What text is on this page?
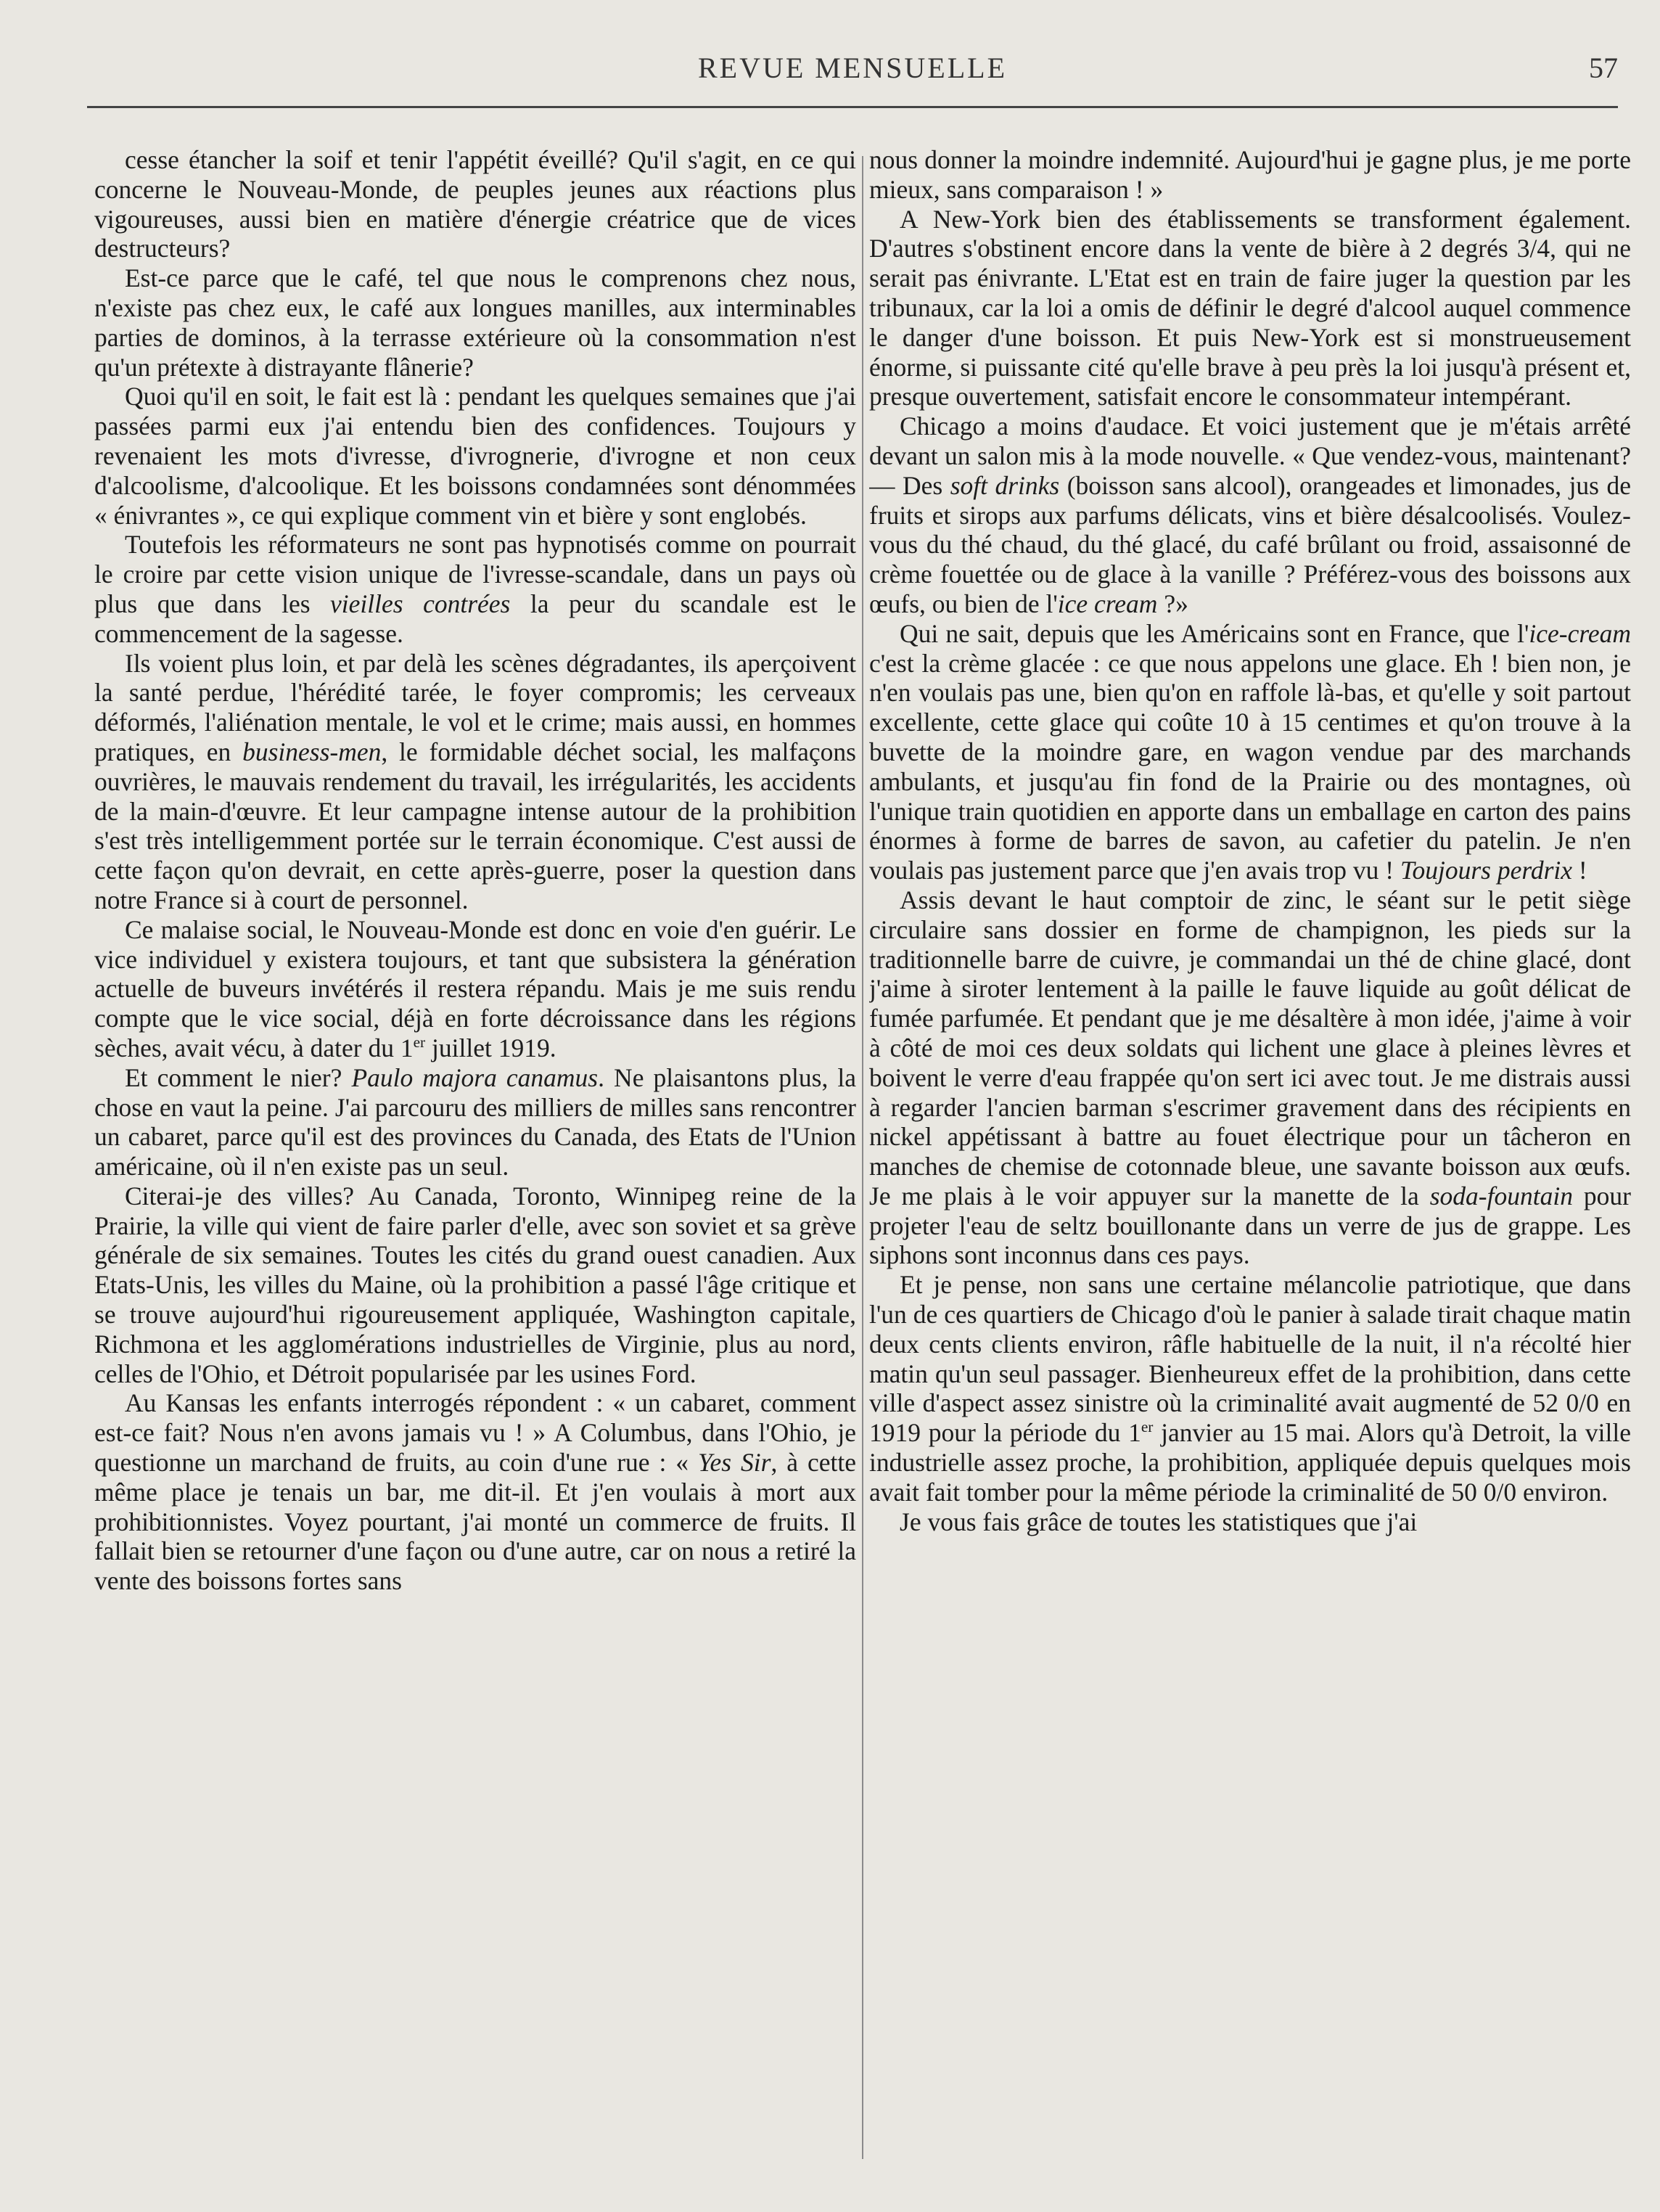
REVUE MENSUELLE	57

cesse étancher la soif et tenir l'appétit éveillé? Qu'il s'agit, en ce qui concerne le Nouveau-Monde, de peuples jeunes aux réactions plus vigoureuses, aussi bien en matière d'énergie créatrice que de vices destructeurs?

Est-ce parce que le café, tel que nous le comprenons chez nous, n'existe pas chez eux, le café aux longues manilles, aux interminables parties de dominos, à la terrasse extérieure où la consommation n'est qu'un prétexte à distrayante flânerie?

Quoi qu'il en soit, le fait est là : pendant les quelques semaines que j'ai passées parmi eux j'ai entendu bien des confidences. Toujours y revenaient les mots d'ivresse, d'ivrognerie, d'ivrogne et non ceux d'alcoolisme, d'alcoolique. Et les boissons condamnées sont dénommées « énivrantes », ce qui explique comment vin et bière y sont englobés.

Toutefois les réformateurs ne sont pas hypnotisés comme on pourrait le croire par cette vision unique de l'ivresse-scandale, dans un pays où plus que dans les vieilles contrées la peur du scandale est le commencement de la sagesse.

Ils voient plus loin, et par delà les scènes dégradantes, ils aperçoivent la santé perdue, l'hérédité tarée, le foyer compromis; les cerveaux déformés, l'aliénation mentale, le vol et le crime; mais aussi, en hommes pratiques, en business-men, le formidable déchet social, les malfaçons ouvrières, le mauvais rendement du travail, les irrégularités, les accidents de la main-d'œuvre. Et leur campagne intense autour de la prohibition s'est très intelligemment portée sur le terrain économique. C'est aussi de cette façon qu'on devrait, en cette après-guerre, poser la question dans notre France si à court de personnel.

Ce malaise social, le Nouveau-Monde est donc en voie d'en guérir. Le vice individuel y existera toujours, et tant que subsistera la génération actuelle de buveurs invétérés il restera répandu. Mais je me suis rendu compte que le vice social, déjà en forte décroissance dans les régions sèches, avait vécu, à dater du 1er juillet 1919.

Et comment le nier? Paulo majora canamus. Ne plaisantons plus, la chose en vaut la peine. J'ai parcouru des milliers de milles sans rencontrer un cabaret, parce qu'il est des provinces du Canada, des Etats de l'Union américaine, où il n'en existe pas un seul.

Citerai-je des villes? Au Canada, Toronto, Winnipeg reine de la Prairie, la ville qui vient de faire parler d'elle, avec son soviet et sa grève générale de six semaines. Toutes les cités du grand ouest canadien. Aux Etats-Unis, les villes du Maine, où la prohibition a passé l'âge critique et se trouve aujourd'hui rigoureusement appliquée, Washington capitale, Richmona et les agglomérations industrielles de Virginie, plus au nord, celles de l'Ohio, et Détroit popularisée par les usines Ford.

Au Kansas les enfants interrogés répondent : « un cabaret, comment est-ce fait? Nous n'en avons jamais vu ! » A Columbus, dans l'Ohio, je questionne un marchand de fruits, au coin d'une rue : « Yes Sir, à cette même place je tenais un bar, me dit-il. Et j'en voulais à mort aux prohibitionnistes. Voyez pourtant, j'ai monté un commerce de fruits. Il fallait bien se retourner d'une façon ou d'une autre, car on nous a retiré la vente des boissons fortes sans

nous donner la moindre indemnité. Aujourd'hui je gagne plus, je me porte mieux, sans comparaison ! »

A New-York bien des établissements se transforment également. D'autres s'obstinent encore dans la vente de bière à 2 degrés 3/4, qui ne serait pas énivrante. L'Etat est en train de faire juger la question par les tribunaux, car la loi a omis de définir le degré d'alcool auquel commence le danger d'une boisson. Et puis New-York est si monstrueusement énorme, si puissante cité qu'elle brave à peu près la loi jusqu'à présent et, presque ouvertement, satisfait encore le consommateur intempérant.

Chicago a moins d'audace. Et voici justement que je m'étais arrêté devant un salon mis à la mode nouvelle. « Que vendez-vous, maintenant? — Des soft drinks (boisson sans alcool), orangeades et limonades, jus de fruits et sirops aux parfums délicats, vins et bière désalcoolisés. Voulez-vous du thé chaud, du thé glacé, du café brûlant ou froid, assaisonné de crème fouettée ou de glace à la vanille ? Préférez-vous des boissons aux œufs, ou bien de l'ice cream ?»

Qui ne sait, depuis que les Américains sont en France, que l'ice-cream c'est la crème glacée : ce que nous appelons une glace. Eh ! bien non, je n'en voulais pas une, bien qu'on en raffole là-bas, et qu'elle y soit partout excellente, cette glace qui coûte 10 à 15 centimes et qu'on trouve à la buvette de la moindre gare, en wagon vendue par des marchands ambulants, et jusqu'au fin fond de la Prairie ou des montagnes, où l'unique train quotidien en apporte dans un emballage en carton des pains énormes à forme de barres de savon, au cafetier du patelin. Je n'en voulais pas justement parce que j'en avais trop vu ! Toujours perdrix !

Assis devant le haut comptoir de zinc, le séant sur le petit siège circulaire sans dossier en forme de champignon, les pieds sur la traditionnelle barre de cuivre, je commandai un thé de chine glacé, dont j'aime à siroter lentement à la paille le fauve liquide au goût délicat de fumée parfumée. Et pendant que je me désaltère à mon idée, j'aime à voir à côté de moi ces deux soldats qui lichent une glace à pleines lèvres et boivent le verre d'eau frappée qu'on sert ici avec tout. Je me distrais aussi à regarder l'ancien barman s'escrimer gravement dans des récipients en nickel appétissant à battre au fouet électrique pour un tâcheron en manches de chemise de cotonnade bleue, une savante boisson aux œufs. Je me plais à le voir appuyer sur la manette de la soda-fountain pour projeter l'eau de seltz bouillonante dans un verre de jus de grappe. Les siphons sont inconnus dans ces pays.

Et je pense, non sans une certaine mélancolie patriotique, que dans l'un de ces quartiers de Chicago d'où le panier à salade tirait chaque matin deux cents clients environ, râfle habituelle de la nuit, il n'a récolté hier matin qu'un seul passager. Bienheureux effet de la prohibition, dans cette ville d'aspect assez sinistre où la criminalité avait augmenté de 52 0/0 en 1919 pour la période du 1er janvier au 15 mai. Alors qu'à Detroit, la ville industrielle assez proche, la prohibition, appliquée depuis quelques mois avait fait tomber pour la même période la criminalité de 50 0/0 environ.

Je vous fais grâce de toutes les statistiques que j'ai
